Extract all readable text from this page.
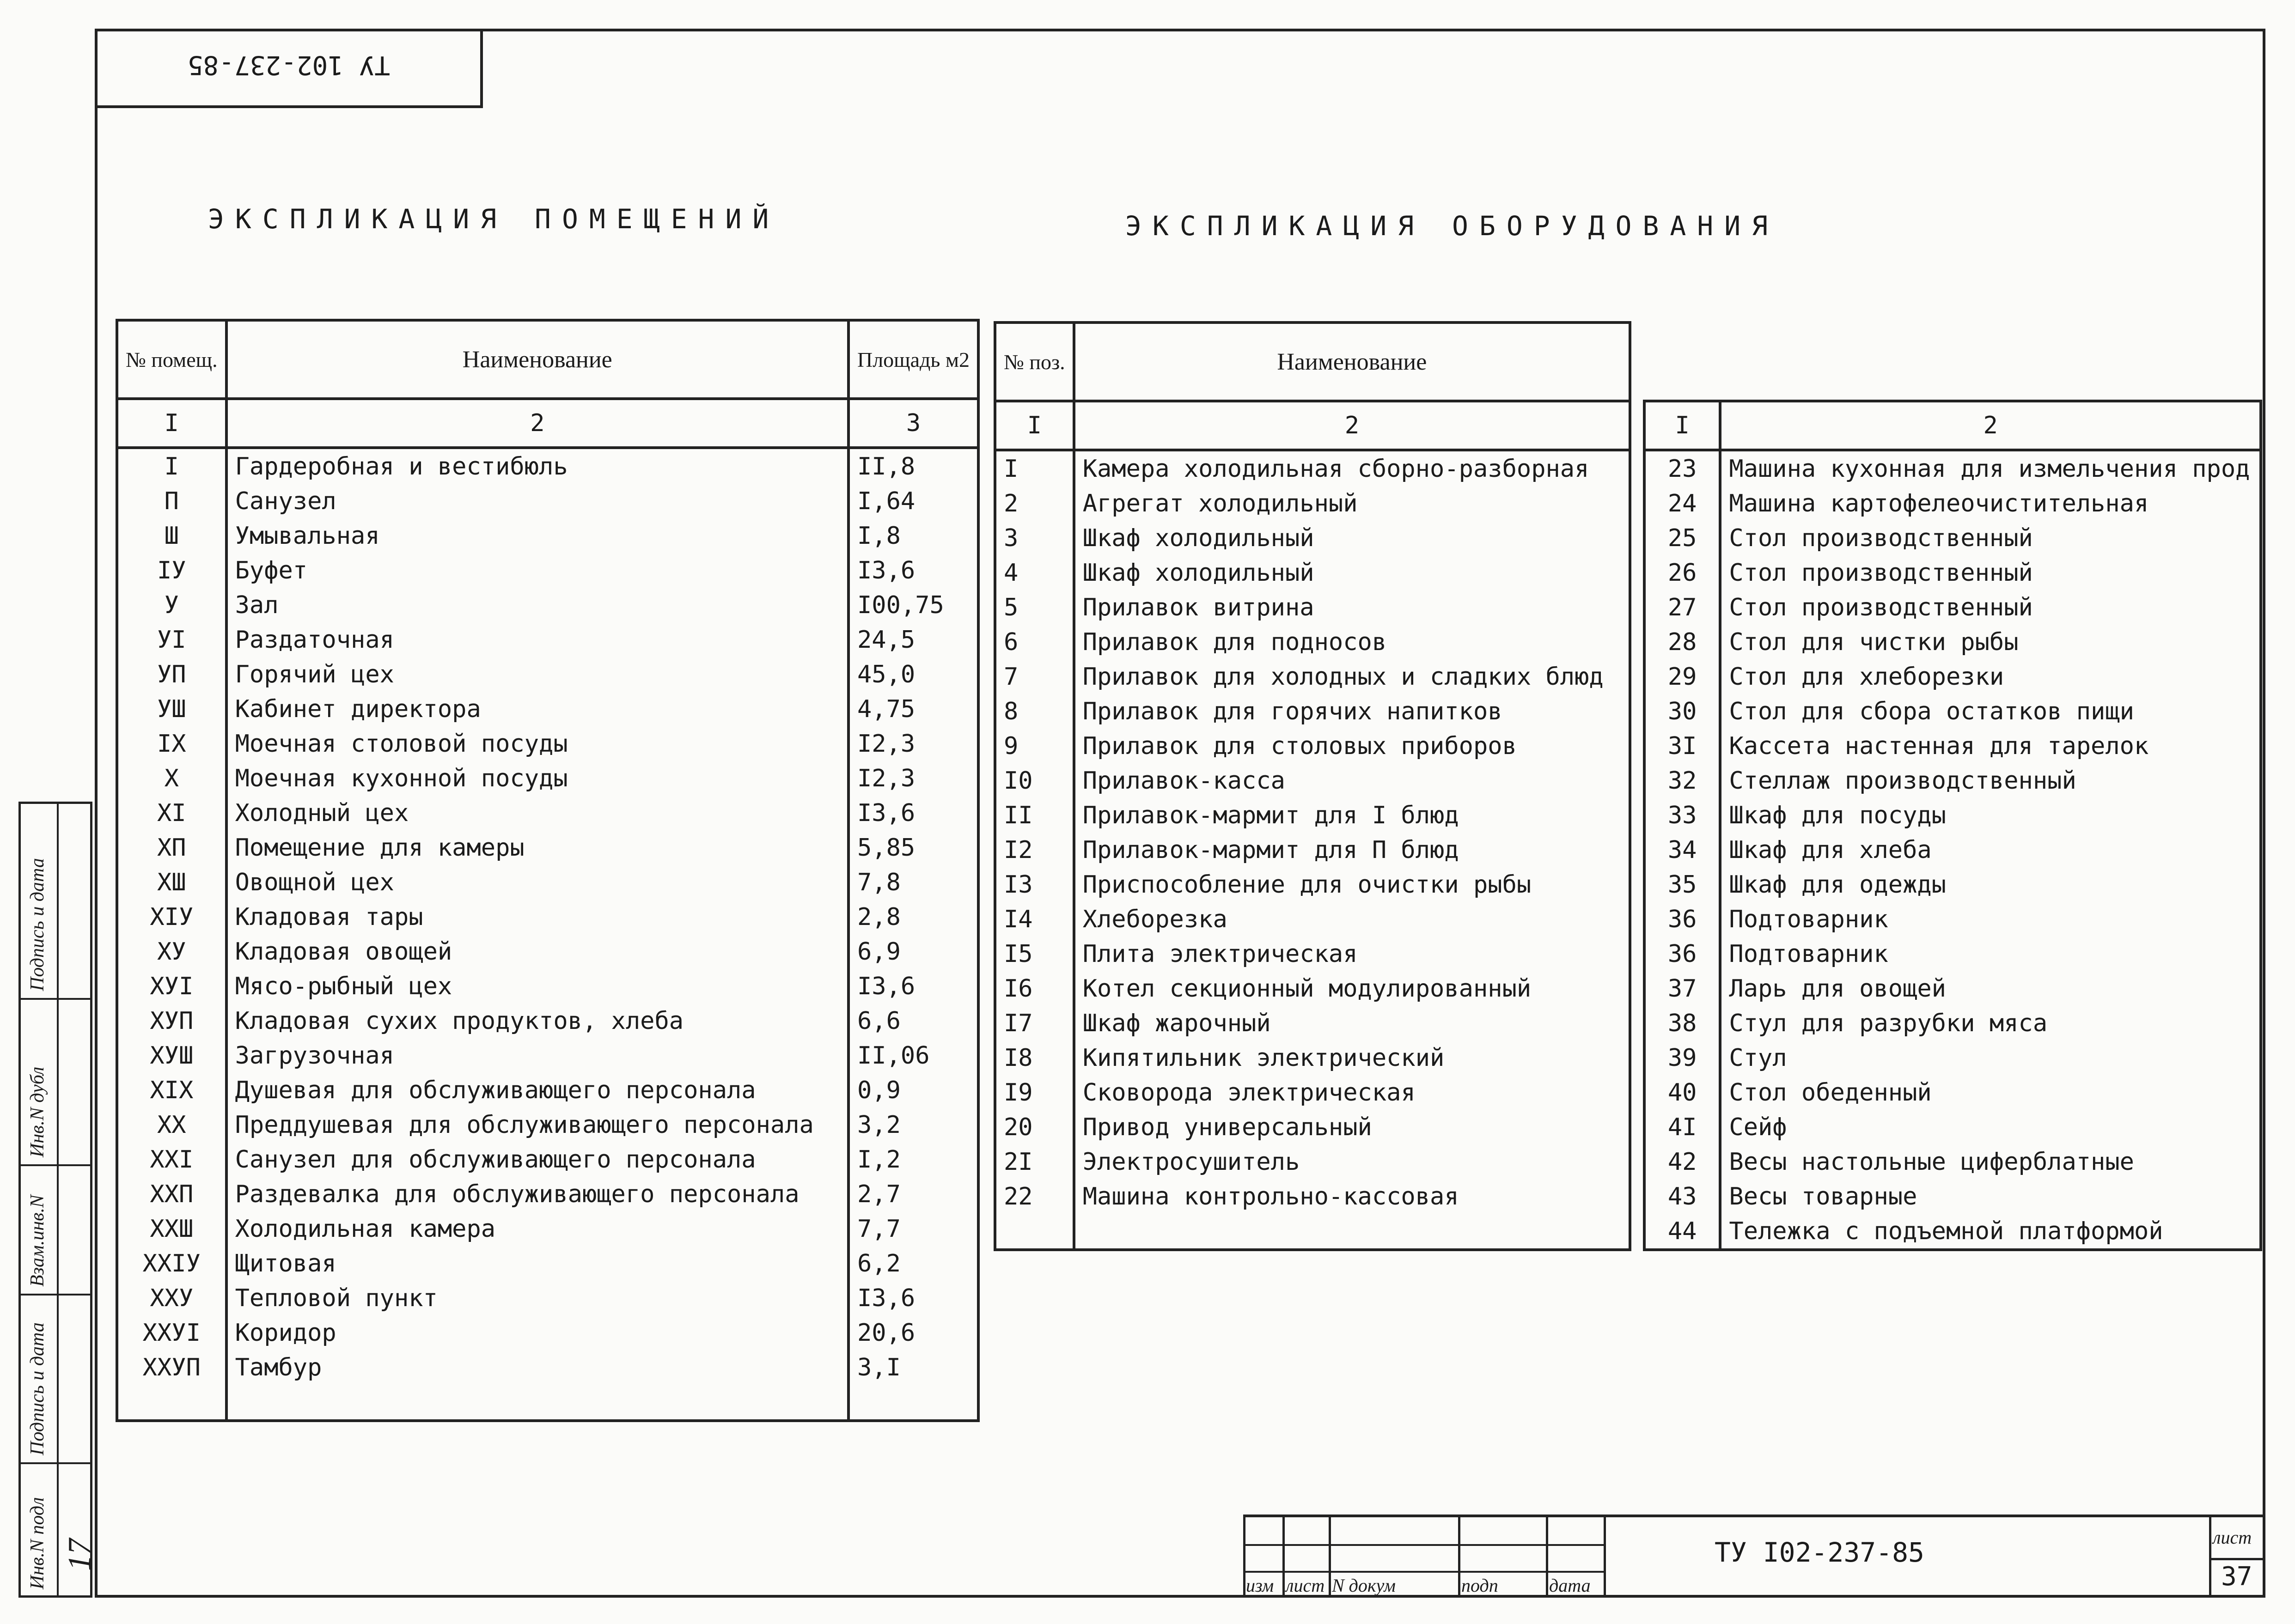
ТУ 102-237-85
ЭКСПЛИКАЦИЯ ПОМЕЩЕНИЙ	ЭКСПЛИКАЦИЯ ОБОРУДОВАНИЯ
№ помещ.	Наименование	Площадь м2
I	2	3
I	Гардеробная и вестибюль	II,8
П	Санузел	I,64
Ш	Умывальная	I,8
IУ	Буфет	I3,6
У	Зал	I00,75
УI	Раздаточная	24,5
УП	Горячий цех	45,0
УШ	Кабинет директора	4,75
IX	Моечная столовой посуды	I2,3
X	Моечная кухонной посуды	I2,3
XI	Холодный цех	I3,6
XП	Помещение для камеры	5,85
XШ	Овощной цех	7,8
XIУ	Кладовая тары	2,8
XУ	Кладовая овощей	6,9
XУI	Мясо-рыбный цех	I3,6
XУП	Кладовая сухих продуктов, хлеба	6,6
XУШ	Загрузочная	II,06
XIX	Душевая для обслуживающего персонала	0,9
XX	Преддушевая для обслуживающего персонала	3,2
XXI	Санузел для обслуживающего персонала	I,2
XXП	Раздевалка для обслуживающего персонала	2,7
XXШ	Холодильная камера	7,7
XXIУ	Щитовая	6,2
XXУ	Тепловой пункт	I3,6
XXУI	Коридор	20,6
XXУП	Тамбур	3,I

№ поз.	Наименование
I	2
I	Камера холодильная сборно-разборная
2	Агрегат холодильный
3	Шкаф холодильный
4	Шкаф холодильный
5	Прилавок витрина
6	Прилавок для подносов
7	Прилавок для холодных и сладких блюд
8	Прилавок для горячих напитков
9	Прилавок для столовых приборов
I0	Прилавок-касса
II	Прилавок-мармит для I блюд
I2	Прилавок-мармит для П блюд
I3	Приспособление для очистки рыбы
I4	Хлеборезка
I5	Плита электрическая
I6	Котел секционный модулированный
I7	Шкаф жарочный
I8	Кипятильник электрический
I9	Сковорода электрическая
20	Привод универсальный
2I	Электросушитель
22	Машина контрольно-кассовая

I	2
23	Машина кухонная для измельчения прод
24	Машина картофелеочистительная
25	Стол производственный
26	Стол производственный
27	Стол производственный
28	Стол для чистки рыбы
29	Стол для хлеборезки
30	Стол для сбора остатков пищи
3I	Кассета настенная для тарелок
32	Стеллаж производственный
33	Шкаф для посуды
34	Шкаф для хлеба
35	Шкаф для одежды
36	Подтоварник
36	Подтоварник
37	Ларь для овощей
38	Стул для разрубки мяса
39	Стул
40	Стол обеденный
4I	Сейф
42	Весы настольные циферблатные
43	Весы товарные
44	Тележка с подъемной платформой
изм лист N докум	подп	дата
ТУ I02-237-85	лист
37
Инв.N подл
Подпись и дата
Взам.инв.N
Инв.N дубл
Подпись и дата
17
